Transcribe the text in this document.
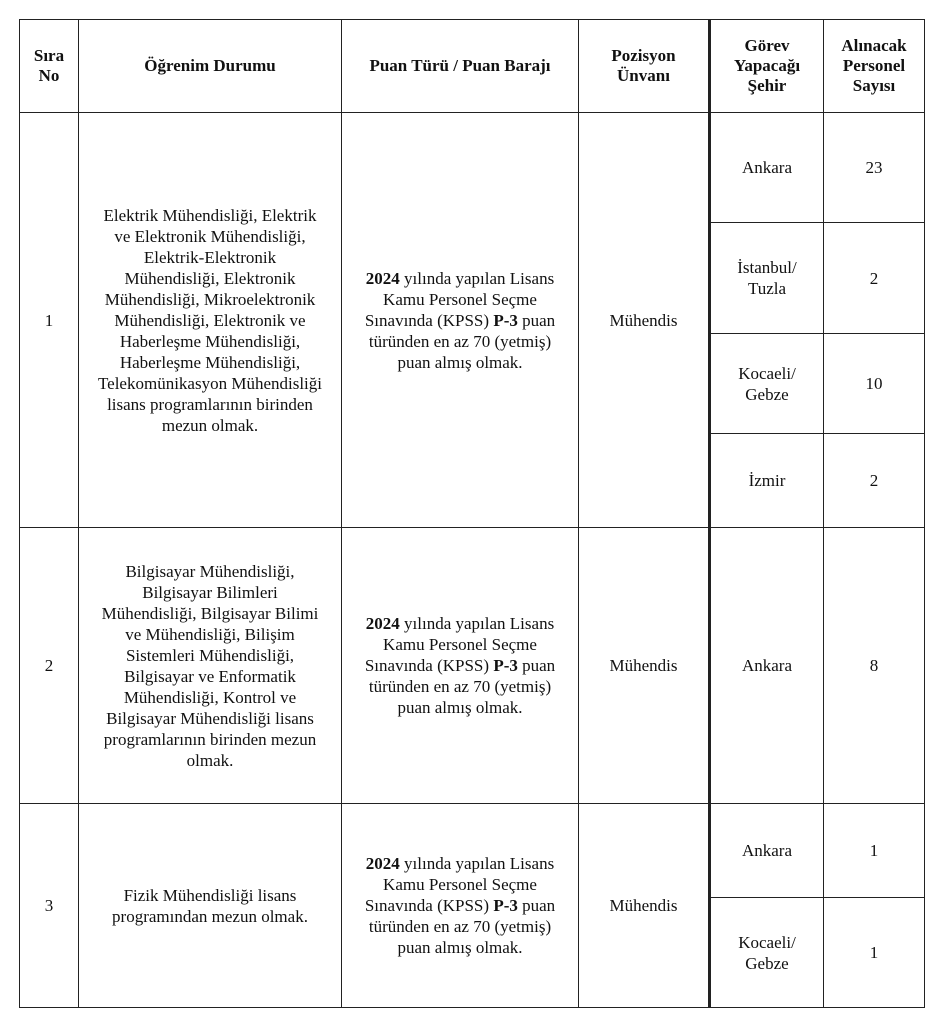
Sıra No	Öğrenim Durumu	Puan Türü / Puan Barajı	Pozisyon Ünvanı	Görev Yapacağı Şehir	Alınacak Personel Sayısı
1	Elektrik Mühendisliği, Elektrik ve Elektronik Mühendisliği, Elektrik-Elektronik Mühendisliği, Elektronik Mühendisliği, Mikroelektronik Mühendisliği, Elektronik ve Haberleşme Mühendisliği, Haberleşme Mühendisliği, Telekomünikasyon Mühendisliği lisans programlarının birinden mezun olmak.	2024 yılında yapılan Lisans Kamu Personel Seçme Sınavında (KPSS) P-3 puan türünden en az 70 (yetmiş) puan almış olmak.	Mühendis	Ankara	23
				İstanbul/ Tuzla	2
				Kocaeli/ Gebze	10
				İzmir	2
2	Bilgisayar Mühendisliği, Bilgisayar Bilimleri Mühendisliği, Bilgisayar Bilimi ve Mühendisliği, Bilişim Sistemleri Mühendisliği, Bilgisayar ve Enformatik Mühendisliği, Kontrol ve Bilgisayar Mühendisliği lisans programlarının birinden mezun olmak.	2024 yılında yapılan Lisans Kamu Personel Seçme Sınavında (KPSS) P-3 puan türünden en az 70 (yetmiş) puan almış olmak.	Mühendis	Ankara	8
3	Fizik Mühendisliği lisans programından mezun olmak.	2024 yılında yapılan Lisans Kamu Personel Seçme Sınavında (KPSS) P-3 puan türünden en az 70 (yetmiş) puan almış olmak.	Mühendis	Ankara	1
				Kocaeli/ Gebze	1
